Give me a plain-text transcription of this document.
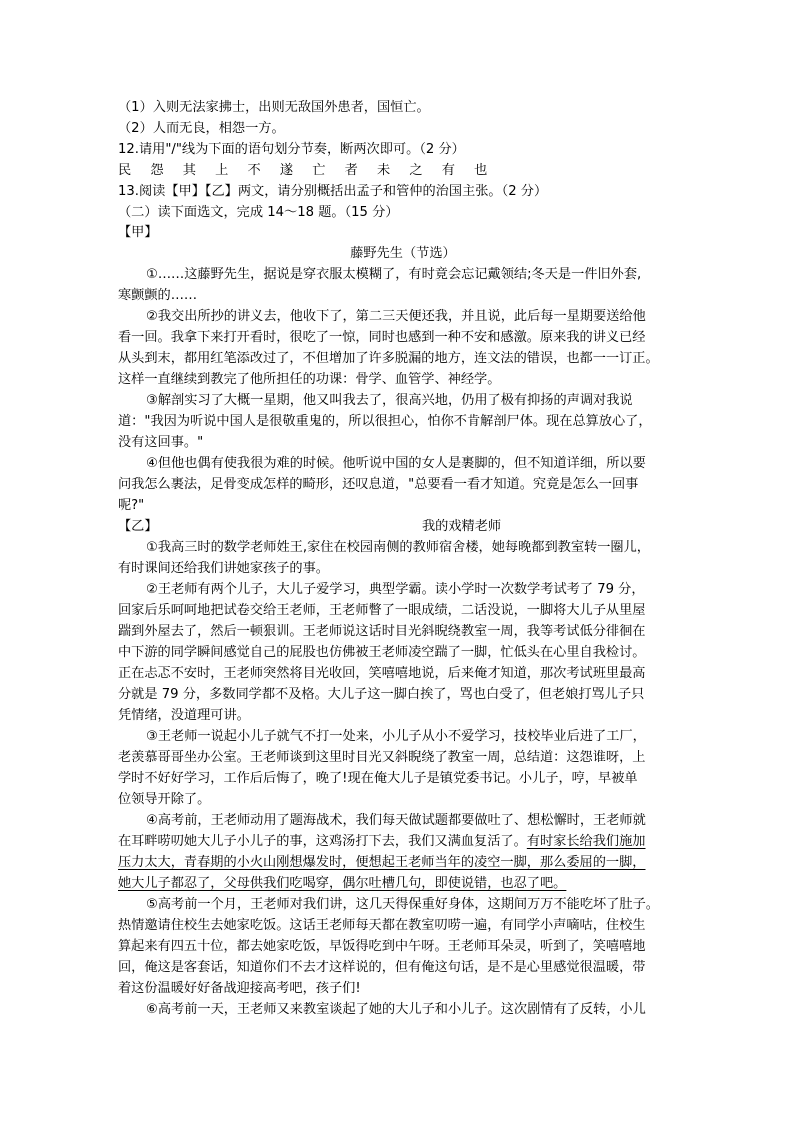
（1）入则无法家拂士，出则无敌国外患者，国恒亡。
（2）人而无良，相怨一方。
12.请用"/"线为下面的语句划分节奏，断两次即可。（2 分）
民 怨 其 上 不 遂 亡 者 未 之 有 也
13.阅读【甲】【乙】两文，请分别概括出孟子和管仲的治国主张。（2 分）
（二）读下面选文，完成 14～18 题。（15 分）
【甲】
藤野先生（节选）
①……这藤野先生，据说是穿衣服太模糊了，有时竟会忘记戴领结;冬天是一件旧外套,
寒颤颤的……
②我交出所抄的讲义去，他收下了，第二三天便还我，并且说，此后每一星期要送给他
看一回。我拿下来打开看时，很吃了一惊，同时也感到一种不安和感激。原来我的讲义已经
从头到末，都用红笔添改过了，不但增加了许多脱漏的地方，连文法的错误，也都一一订正。
这样一直继续到教完了他所担任的功课：骨学、血管学、神经学。
③解剖实习了大概一星期，他又叫我去了，很高兴地，仍用了极有抑扬的声调对我说
道："我因为听说中国人是很敬重鬼的，所以很担心，怕你不肯解剖尸体。现在总算放心了，
没有这回事。"
④但他也偶有使我很为难的时候。他听说中国的女人是裹脚的，但不知道详细，所以要
问我怎么裹法，足骨变成怎样的畸形，还叹息道，"总要看一看才知道。究竟是怎么一回事
呢?"
【乙】	我的戏精老师
①我高三时的数学老师姓王,家住在校园南侧的教师宿舍楼，她每晚都到教室转一圈儿，
有时课间还给我们讲她家孩子的事。
②王老师有两个儿子，大儿子爱学习，典型学霸。读小学时一次数学考试考了 79 分，
回家后乐呵呵地把试卷交给王老师，王老师瞥了一眼成绩，二话没说，一脚将大儿子从里屋
踹到外屋去了，然后一顿狠训。王老师说这话时目光斜睨绕教室一周，我等考试低分徘徊在
中下游的同学瞬间感觉自己的屁股也仿佛被王老师凌空踹了一脚，忙低头在心里自我检讨。
正在忐忑不安时，王老师突然将目光收回，笑嘻嘻地说，后来俺才知道，那次考试班里最高
分就是 79 分，多数同学都不及格。大儿子这一脚白挨了，骂也白受了，但老娘打骂儿子只
凭情绪，没道理可讲。
③王老师一说起小儿子就气不打一处来，小儿子从小不爱学习，技校毕业后进了工厂，
老羡慕哥哥坐办公室。王老师谈到这里时目光又斜睨绕了教室一周，总结道：这怨谁呀，上
学时不好好学习，工作后后悔了，晚了!现在俺大儿子是镇党委书记。小儿子，哼，早被单
位领导开除了。
④高考前，王老师动用了题海战术，我们每天做试题都要做吐了、想松懈时，王老师就
在耳畔唠叨她大儿子小儿子的事，这鸡汤打下去，我们又满血复活了。有时家长给我们施加
压力太大，青春期的小火山刚想爆发时，便想起王老师当年的凌空一脚，那么委屈的一脚，
她大儿子都忍了，父母供我们吃喝穿，偶尔吐槽几句，即使说错，也忍了吧。
⑤高考前一个月，王老师对我们讲，这几天得保重好身体，这期间万万不能吃坏了肚子。
热情邀请住校生去她家吃饭。这话王老师每天都在教室叨唠一遍，有同学小声嘀咕，住校生
算起来有四五十位，都去她家吃饭，早饭得吃到中午呀。王老师耳朵灵，听到了，笑嘻嘻地
回，俺这是客套话，知道你们不去才这样说的，但有俺这句话，是不是心里感觉很温暖，带
着这份温暖好好备战迎接高考吧，孩子们!
⑥高考前一天，王老师又来教室谈起了她的大儿子和小儿子。这次剧情有了反转，小儿
